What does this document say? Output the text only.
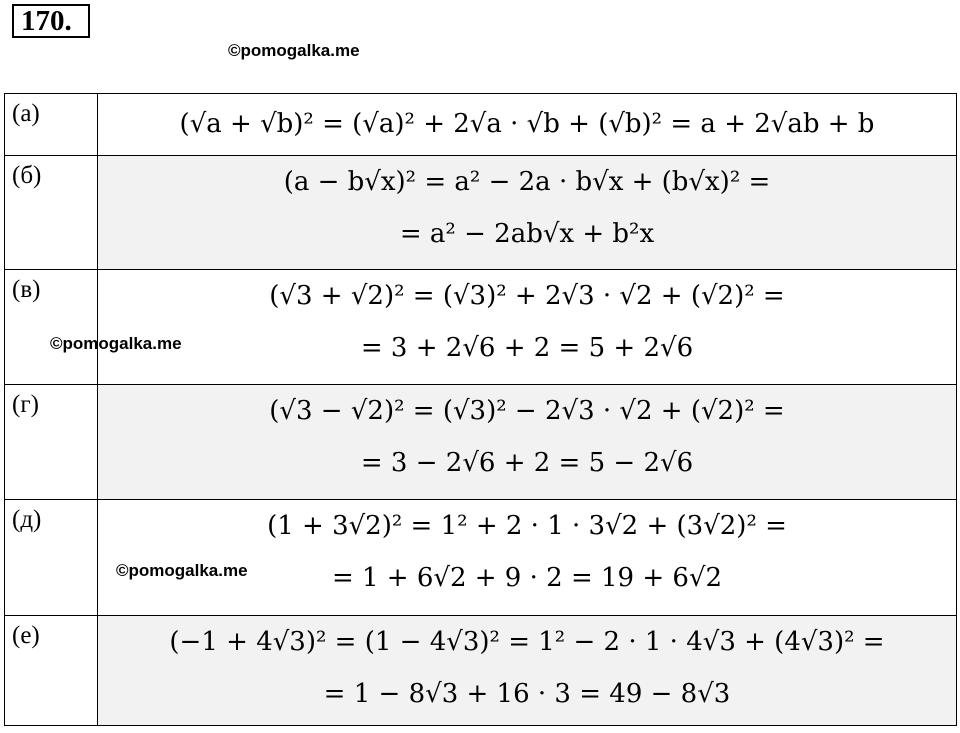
170.
©pomogalka.me
(а)	(√a + √b)² = (√a)² + 2√a · √b + (√b)² = a + 2√ab + b

(б)	(a − b√x)² = a² − 2a · b√x + (b√x)² =
= a² − 2ab√x + b²x

(в)	(√3 + √2)² = (√3)² + 2√3 · √2 + (√2)² =
= 3 + 2√6 + 2 = 5 + 2√6

(г)	(√3 − √2)² = (√3)² − 2√3 · √2 + (√2)² =
= 3 − 2√6 + 2 = 5 − 2√6

(д)	(1 + 3√2)² = 1² + 2 · 1 · 3√2 + (3√2)² =
= 1 + 6√2 + 9 · 2 = 19 + 6√2

(е)	(−1 + 4√3)² = (1 − 4√3)² = 1² − 2 · 1 · 4√3 + (4√3)² =
= 1 − 8√3 + 16 · 3 = 49 − 8√3
©pomogalka.me
©pomogalka.me
